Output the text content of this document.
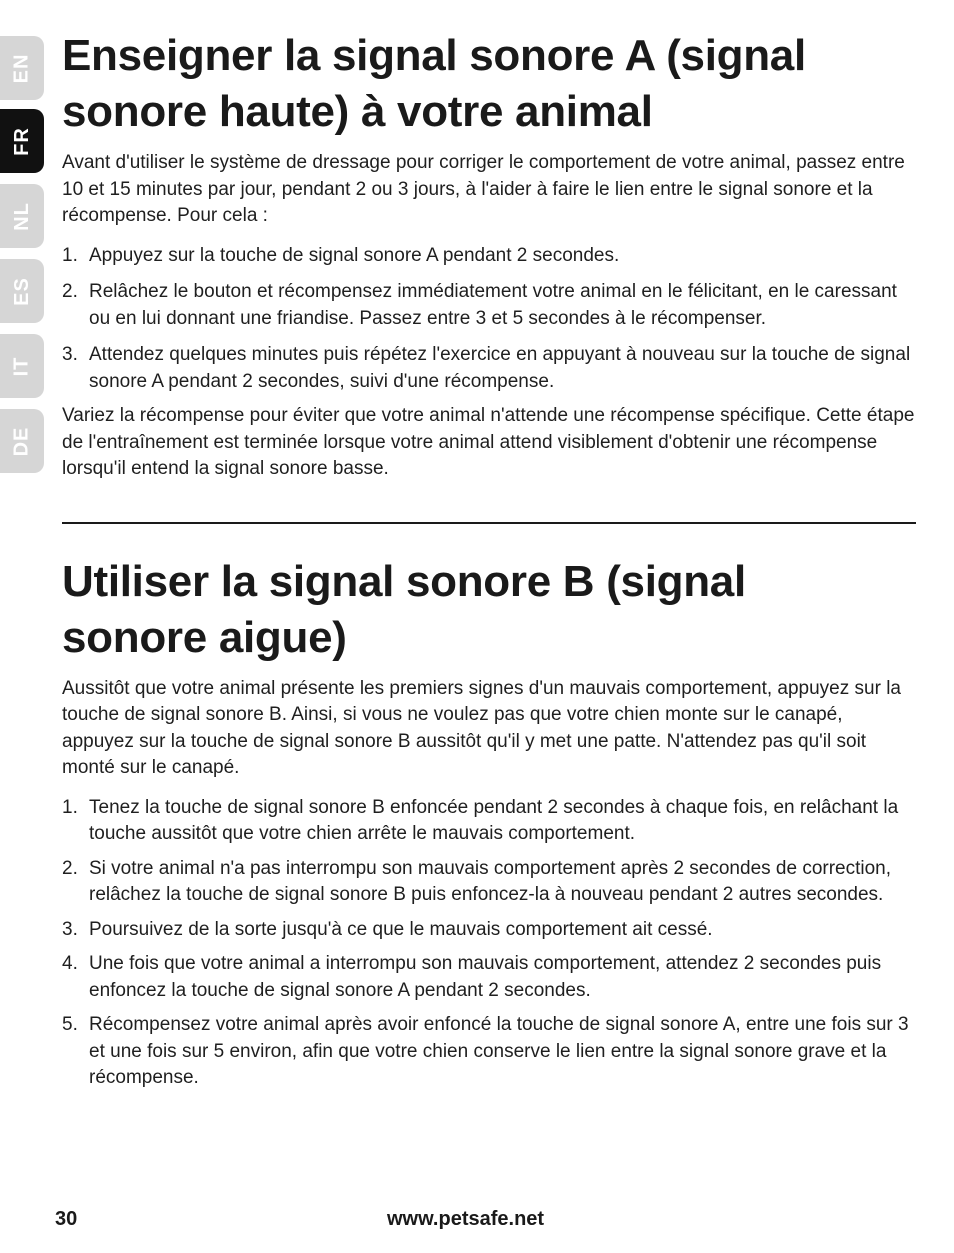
EN
FR
NL
ES
IT
DE
Enseigner la signal sonore A (signal
sonore haute) à votre animal

Avant d'utiliser le système de dressage pour corriger le comportement de votre animal, passez entre 10 et 15 minutes par jour, pendant 2 ou 3 jours, à l'aider à faire le lien entre le signal sonore et la récompense. Pour cela :

1. Appuyez sur la touche de signal sonore A pendant 2 secondes.
2. Relâchez le bouton et récompensez immédiatement votre animal en le félicitant, en le caressant ou en lui donnant une friandise. Passez entre 3 et 5 secondes à le récompenser.
3. Attendez quelques minutes puis répétez l'exercice en appuyant à nouveau sur la touche de signal sonore A pendant 2 secondes, suivi d'une récompense.

Variez la récompense pour éviter que votre animal n'attende une récompense spécifique. Cette étape de l'entraînement est terminée lorsque votre animal attend visiblement d'obtenir une récompense lorsqu'il entend la signal sonore basse.

Utiliser la signal sonore B (signal
sonore aigue)

Aussitôt que votre animal présente les premiers signes d'un mauvais comportement, appuyez sur la touche de signal sonore B. Ainsi, si vous ne voulez pas que votre chien monte sur le canapé, appuyez sur la touche de signal sonore B aussitôt qu'il y met une patte. N'attendez pas qu'il soit monté sur le canapé.

1. Tenez la touche de signal sonore B enfoncée pendant 2 secondes à chaque fois, en relâchant la touche aussitôt que votre chien arrête le mauvais comportement.
2. Si votre animal n'a pas interrompu son mauvais comportement après 2 secondes de correction, relâchez la touche de signal sonore B puis enfoncez-la à nouveau pendant 2 autres secondes.
3. Poursuivez de la sorte jusqu'à ce que le mauvais comportement ait cessé.
4. Une fois que votre animal a interrompu son mauvais comportement, attendez 2 secondes puis enfoncez la touche de signal sonore A pendant 2 secondes.
5. Récompensez votre animal après avoir enfoncé la touche de signal sonore A, entre une fois sur 3 et une fois sur 5 environ, afin que votre chien conserve le lien entre la signal sonore grave et la récompense.
30	www.petsafe.net
